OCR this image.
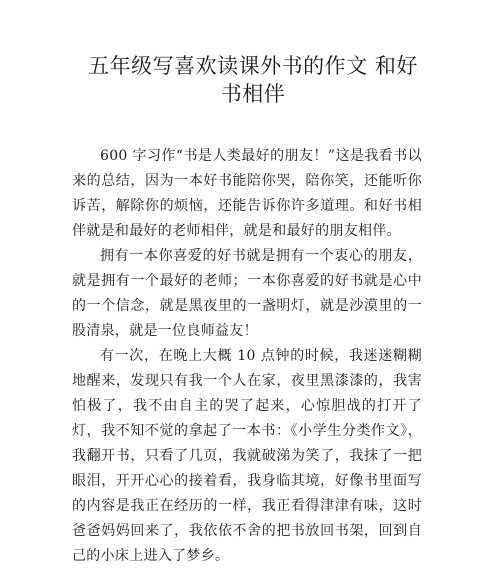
五年级写喜欢读课外书的作文 和好书相伴

600 字习作“书是人类最好的朋友！”这是我看书以来的总结，因为一本好书能陪你哭，陪你笑，还能听你诉苦，解除你的烦恼，还能告诉你许多道理。和好书相伴就是和最好的老师相伴，就是和最好的朋友相伴。

拥有一本你喜爱的好书就是拥有一个衷心的朋友，就是拥有一个最好的老师；一本你喜爱的好书就是心中的一个信念，就是黑夜里的一盏明灯，就是沙漠里的一股清泉，就是一位良师益友！

有一次，在晚上大概 10 点钟的时候，我迷迷糊糊地醒来，发现只有我一个人在家，夜里黑漆漆的，我害怕极了，我不由自主的哭了起来，心惊胆战的打开了灯，我不知不觉的拿起了一本书：《小学生分类作文》，我翻开书，只看了几页，我就破涕为笑了，我抹了一把眼泪，开开心心的接着看，我身临其境，好像书里面写的内容是我正在经历的一样，我正看得津津有味，这时爸爸妈妈回来了，我依依不舍的把书放回书架，回到自己的小床上进入了梦乡。
